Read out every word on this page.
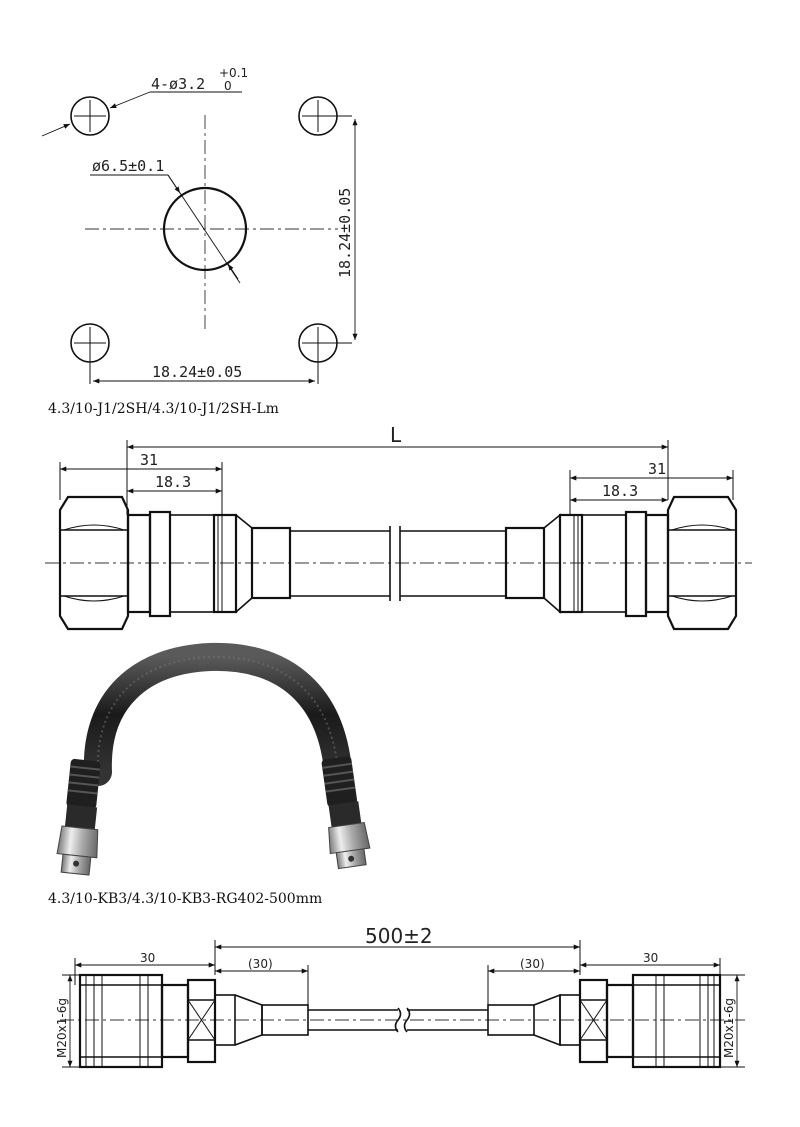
4-ø3.2
+0.1
0
ø6.5±0.1
18.24±0.05
18.24±0.05
4.3/10-J1/2SH/4.3/10-J1/2SH-Lm
L
31
18.3
31
18.3
4.3/10-KB3/4.3/10-KB3-RG402-500mm
500±2
30	(30)	(30)	30
M20x1-6g	M20x1-6g
